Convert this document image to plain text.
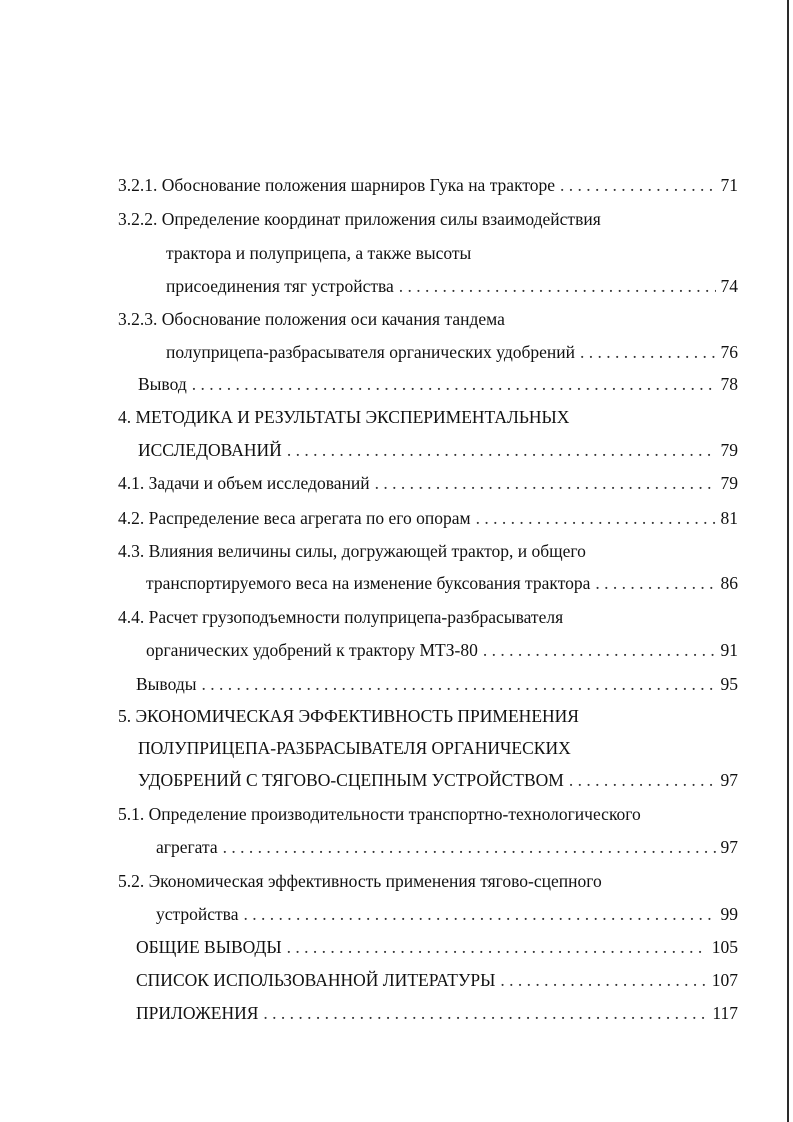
3.2.1. Обоснование положения шарниров Гука на тракторе . . .	71
3.2.2. Определение координат приложения силы взаимодействия
трактора и полуприцепа, а также высоты
присоединения тяг устройства . . .	74
3.2.3. Обоснование положения оси качания тандема
полуприцепа-разбрасывателя органических удобрений . . .	76
Вывод . . .	78
4. МЕТОДИКА И РЕЗУЛЬТАТЫ ЭКСПЕРИМЕНТАЛЬНЫХ
ИССЛЕДОВАНИЙ . . .	79
4.1. Задачи и объем исследований . . .	79
4.2. Распределение веса агрегата по его опорам . . .	81
4.3. Влияния величины силы, догружающей трактор, и общего
транспортируемого веса на изменение буксования трактора . . .	86
4.4. Расчет грузоподъемности полуприцепа-разбрасывателя
органических удобрений к трактору МТЗ-80 . . .	91
Выводы . . .	95
5. ЭКОНОМИЧЕСКАЯ ЭФФЕКТИВНОСТЬ ПРИМЕНЕНИЯ
ПОЛУПРИЦЕПА-РАЗБРАСЫВАТЕЛЯ ОРГАНИЧЕСКИХ
УДОБРЕНИЙ С ТЯГОВО-СЦЕПНЫМ УСТРОЙСТВОМ . . .	97
5.1. Определение производительности транспортно-технологического
агрегата . . .	97
5.2. Экономическая эффективность применения тягово-сцепного
устройства . . .	99
ОБЩИЕ ВЫВОДЫ . . .	105
СПИСОК ИСПОЛЬЗОВАННОЙ ЛИТЕРАТУРЫ . . .	107
ПРИЛОЖЕНИЯ . . .	117
